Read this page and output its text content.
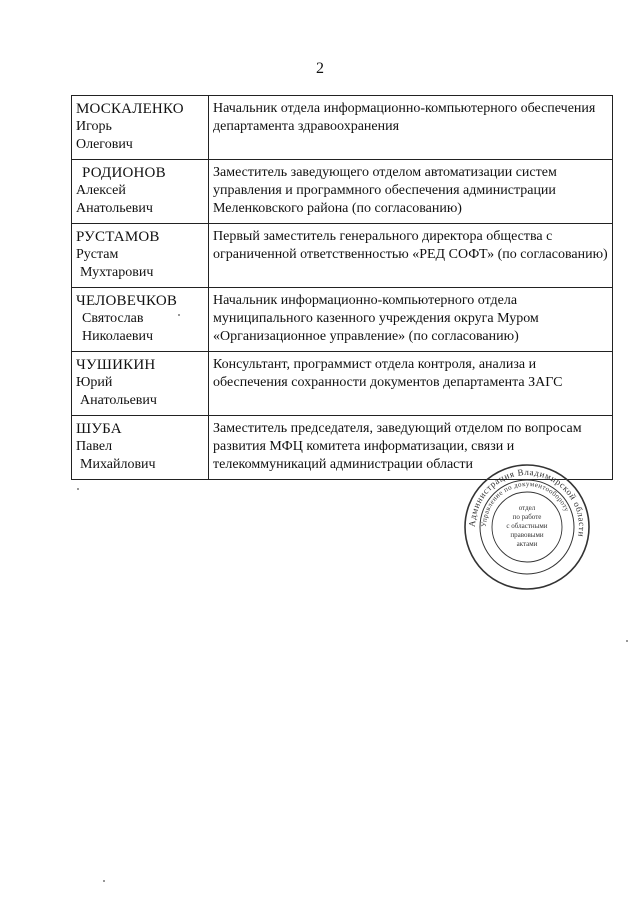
2
МОСКАЛЕНКО
Игорь
Олегович	Начальник отдела информационно-компьютерного обеспечения департамента здравоохранения

РОДИОНОВ
Алексей
Анатольевич	Заместитель заведующего отделом автоматизации систем управления и программного обеспечения администрации Меленковского района (по согласованию)

РУСТАМОВ
Рустам
Мухтарович	Первый заместитель генерального директора общества с ограниченной ответственностью «РЕД СОФТ» (по согласованию)

ЧЕЛОВЕЧКОВ
Святослав
Николаевич	Начальник информационно-компьютерного отдела муниципального казенного учреждения округа Муром «Организационное управление» (по согласованию)

ЧУШИКИН
Юрий
Анатольевич	Консультант, программист отдела контроля, анализа и обеспечения сохранности документов департамента ЗАГС

ШУБА
Павел
Михайлович	Заместитель председателя, заведующий отделом по вопросам развития МФЦ комитета информатизации, связи и телекоммуникаций администрации области
Администрация Владимирской области
Управление по документообороту
отдел
по работе
с областными
правовыми
актами
